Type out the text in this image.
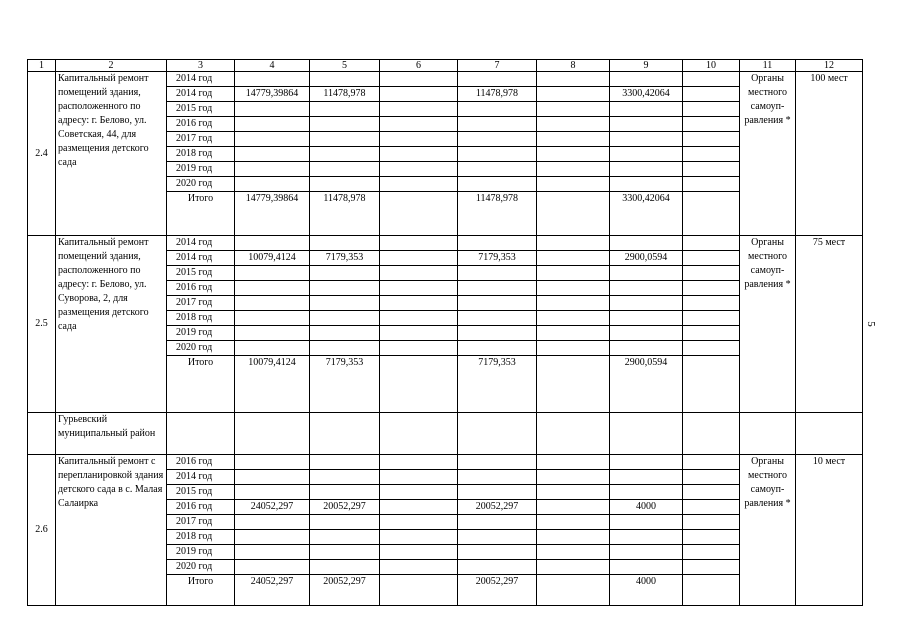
1	2	3	4	5	6	7	8	9	10	11	12
2.4	Капитальный ремонт помещений здания, расположенного по адресу: г. Белово, ул. Советская, 44, для размещения детского сада	2014 год								Органы местного самоуп-равления *	100 мест
		2014 год	14779,39864	11478,978		11478,978		3300,42064			
		2015 год									
		2016 год									
		2017 год									
		2018 год									
		2019 год									
		2020 год									
		Итого	14779,39864	11478,978		11478,978		3300,42064			
2.5	Капитальный ремонт помещений здания, расположенного по адресу: г. Белово, ул. Суворова, 2, для размещения детского сада	2014 год								Органы местного самоуп-равления *	75 мест
		2014 год	10079,4124	7179,353		7179,353		2900,0594			
		2015 год									
		2016 год									
		2017 год									
		2018 год									
		2019 год									
		2020 год									
		Итого	10079,4124	7179,353		7179,353		2900,0594			
	Гурьевский муниципальный район										
2.6	Капитальный ремонт с перепланировкой здания детского сада в с. Малая Салаирка	2016 год								Органы местного самоуп-равления *	10 мест
		2014 год									
		2015 год									
		2016 год	24052,297	20052,297		20052,297		4000			
		2017 год									
		2018 год									
		2019 год									
		2020 год									
		Итого	24052,297	20052,297		20052,297		4000			
5
